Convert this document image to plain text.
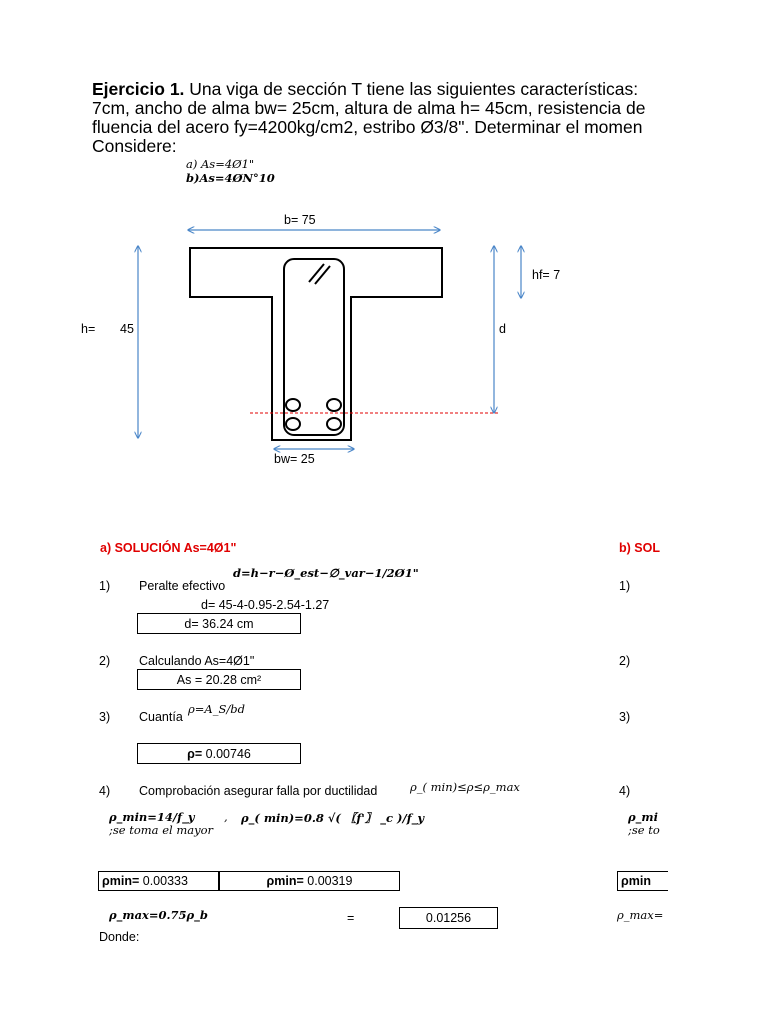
Ejercicio 1. Una viga de sección T tiene las siguientes características:
7cm, ancho de alma bw= 25cm, altura de alma h= 45cm, resistencia de
fluencia del acero fy=4200kg/cm2, estribo Ø3/8". Determinar el momen
Considere:
a) As=4Ø1"
b)As=4ØN°10
b= 75
hf= 7
h= 45	d
bw= 25
a) SOLUCIÓN As=4Ø1"
d=h−r−Ø_est−∅_var−1/2Ø1"
1) Peralte efectivo
d= 45-4-0.95-2.54-1.27
d= 36.24 cm
2) Calculando As=4Ø1"
As = 20.28 cm²
3) Cuantía
ρ=A_S/bd
ρ=
0.00746
4) Comprobación asegurar falla por ductilidad	ρ_( min)≤ρ≤ρ_max
ρ_min=14/f_y	, ρ_( min)=0.8 √( 〖f'〗 _c )/f_y
;se toma el mayor
ρmin=
0.00333	ρmin=
0.00319
ρ_max=0.75ρ_b	=	0.01256
Donde:
b) SOL
1)
2)
3)
4)
ρ_mi
;se to
ρmin
ρ_max=
